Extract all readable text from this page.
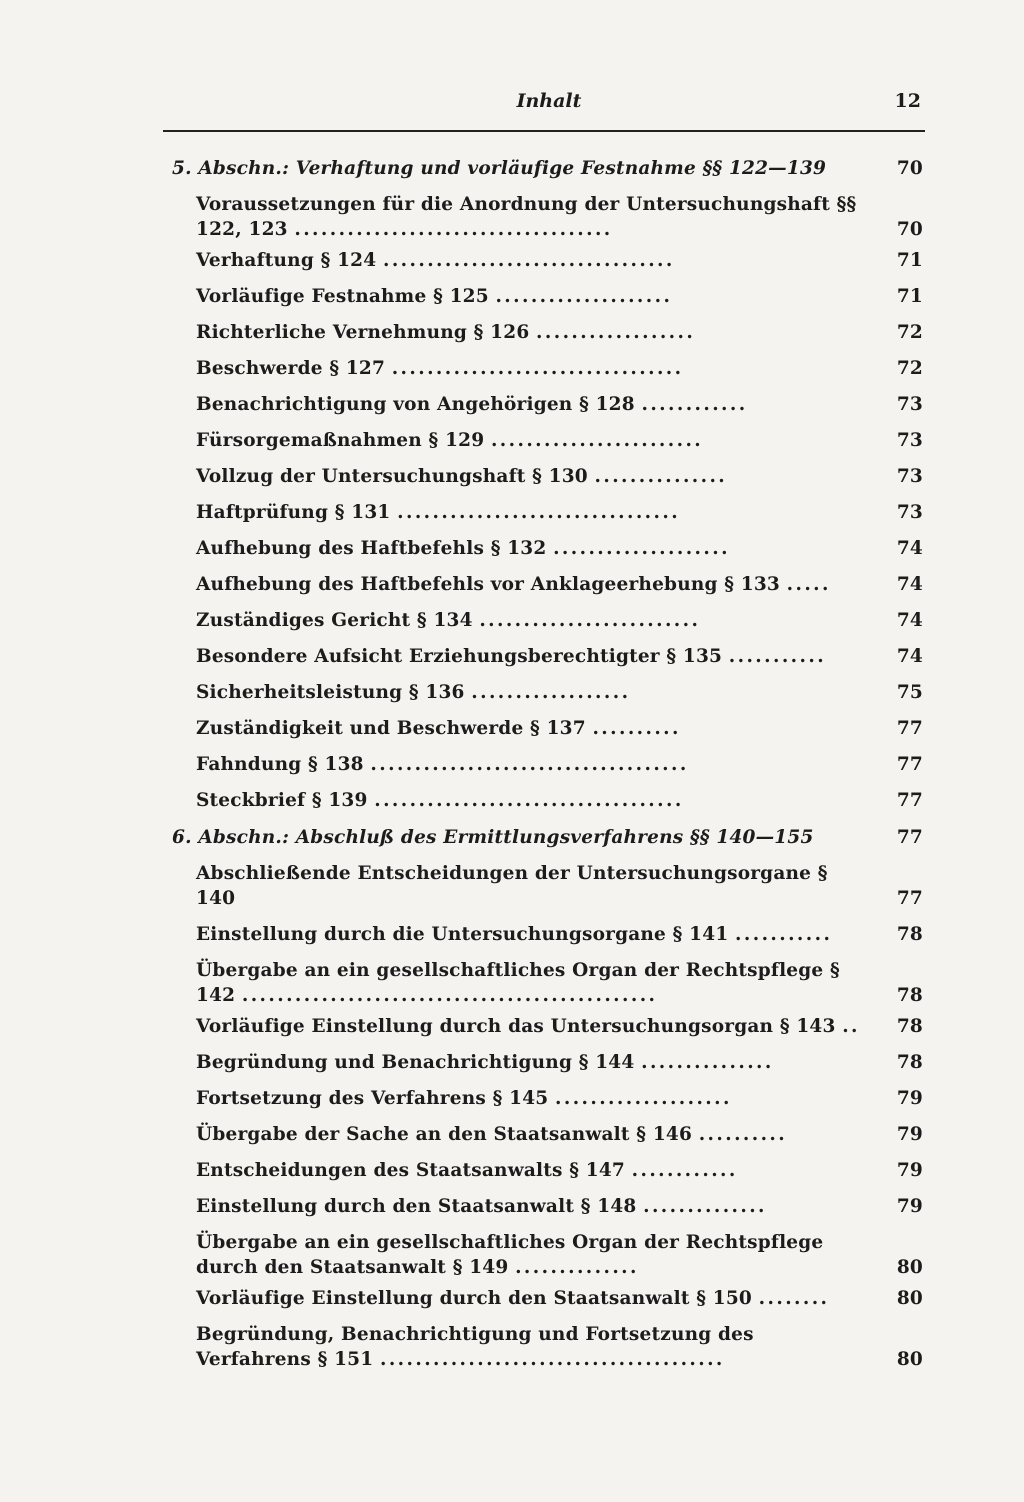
Inhalt	12
5. Abschn.: Verhaftung und vorläufige Festnahme §§ 122—139	70
Voraussetzungen für die Anordnung der Untersuchungshaft §§ 122, 123 ....................................	70
Verhaftung § 124 .................................	71
Vorläufige Festnahme § 125 ....................	71
Richterliche Vernehmung § 126 ..................	72
Beschwerde § 127 .................................	72
Benachrichtigung von Angehörigen § 128 ............	73
Fürsorgemaßnahmen § 129 ........................	73
Vollzug der Untersuchungshaft § 130 ...............	73
Haftprüfung § 131 ................................	73
Aufhebung des Haftbefehls § 132 ....................	74
Aufhebung des Haftbefehls vor Anklageerhebung § 133 .....	74
Zuständiges Gericht § 134 .........................	74
Besondere Aufsicht Erziehungsberechtigter § 135 ...........	74
Sicherheitsleistung § 136 ..................	75
Zuständigkeit und Beschwerde § 137 ..........	77
Fahndung § 138 ....................................	77
Steckbrief § 139 ...................................	77
6. Abschn.: Abschluß des Ermittlungsverfahrens §§ 140—155	77
Abschließende Entscheidungen der Untersuchungsorgane § 140	77
Einstellung durch die Untersuchungsorgane § 141 ...........	78
Übergabe an ein gesellschaftliches Organ der Rechtspflege § 142 ...............................................	78
Vorläufige Einstellung durch das Untersuchungsorgan § 143 ..	78
Begründung und Benachrichtigung § 144 ...............	78
Fortsetzung des Verfahrens § 145 ....................	79
Übergabe der Sache an den Staatsanwalt § 146 ..........	79
Entscheidungen des Staatsanwalts § 147 ............	79
Einstellung durch den Staatsanwalt § 148 ..............	79
Übergabe an ein gesellschaftliches Organ der Rechtspflege durch den Staatsanwalt § 149 ..............	80
Vorläufige Einstellung durch den Staatsanwalt § 150 ........	80
Begründung, Benachrichtigung und Fortsetzung des Verfahrens § 151 .......................................	80
